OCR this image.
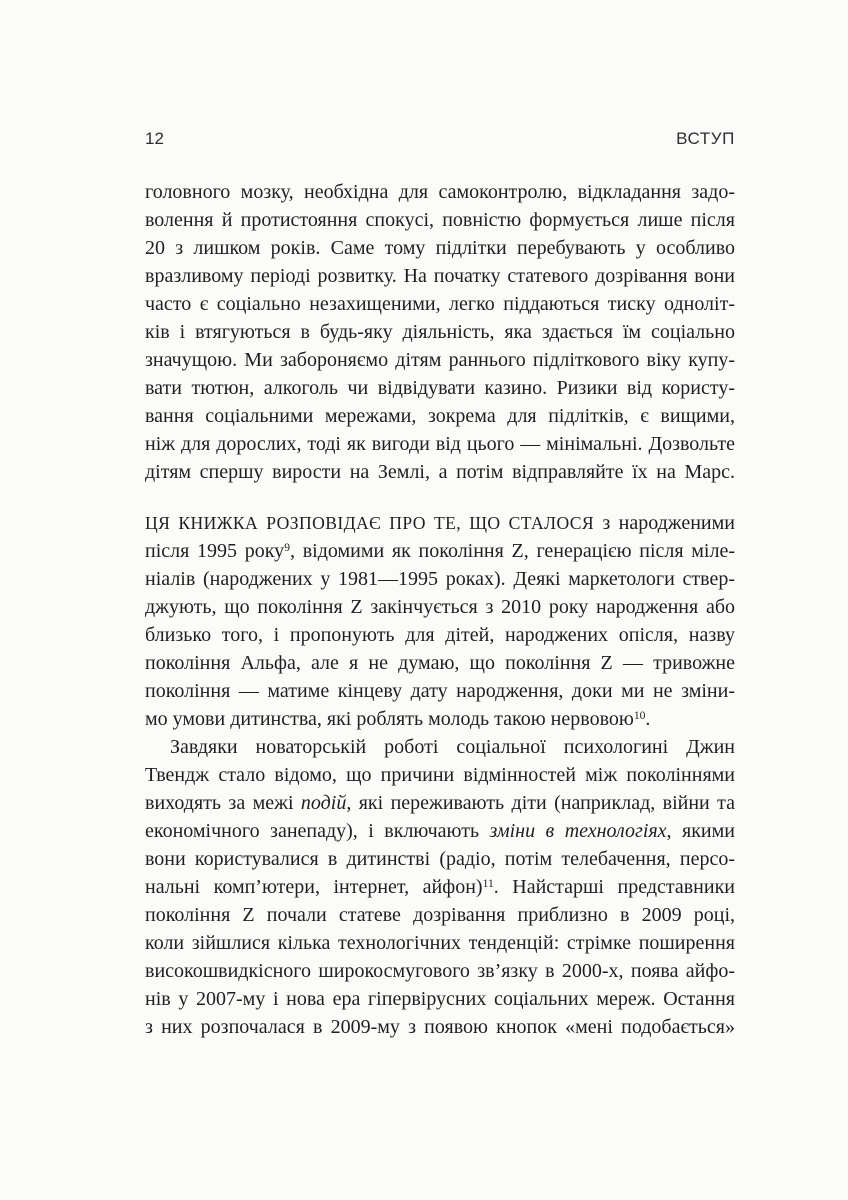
12	ВСТУП
головного мозку, необхідна для самоконтролю, відкладання задо-
волення й протистояння спокусі, повністю формується лише після
20 з лишком років. Саме тому підлітки перебувають у особливо
вразливому періоді розвитку. На початку статевого дозрівання вони
часто є соціально незахищеними, легко піддаються тиску одноліт-
ків і втягуються в будь-яку діяльність, яка здається їм соціально
значущою. Ми забороняємо дітям раннього підліткового віку купу-
вати тютюн, алкоголь чи відвідувати казино. Ризики від користу-
вання соціальними мережами, зокрема для підлітків, є вищими,
ніж для дорослих, тоді як вигоди від цього — мінімальні. Дозвольте
дітям спершу вирости на Землі, а потім відправляйте їх на Марс.
ЦЯ КНИЖКА РОЗПОВІДАЄ ПРО ТЕ, ЩО СТАЛОСЯ з народженими
після 1995 року$^9$, відомими як покоління Z, генерацією після міле-
ніалів (народжених у 1981—1995 роках). Деякі маркетологи ствер-
джують, що покоління Z закінчується з 2010 року народження або
близько того, і пропонують для дітей, народжених опісля, назву
покоління Альфа, але я не думаю, що покоління Z — тривожне
покоління — матиме кінцеву дату народження, доки ми не зміни-
мо умови дитинства, які роблять молодь такою нервовою$^{10}$.
Завдяки новаторській роботі соціальної психологині Джин
Твендж стало відомо, що причини відмінностей між поколіннями
виходять за межі подій, які переживають діти (наприклад, війни та
економічного занепаду), і включають зміни в технологіях, якими
вони користувалися в дитинстві (радіо, потім телебачення, персо-
нальні комп’ютери, інтернет, айфон)$^{11}$. Найстарші представники
покоління Z почали статеве дозрівання приблизно в 2009 році,
коли зійшлися кілька технологічних тенденцій: стрімке поширення
високошвидкісного широкосмугового зв’язку в 2000-х, поява айфо-
нів у 2007-му і нова ера гіпервірусних соціальних мереж. Остання
з них розпочалася в 2009-му з появою кнопок «мені подобається»
